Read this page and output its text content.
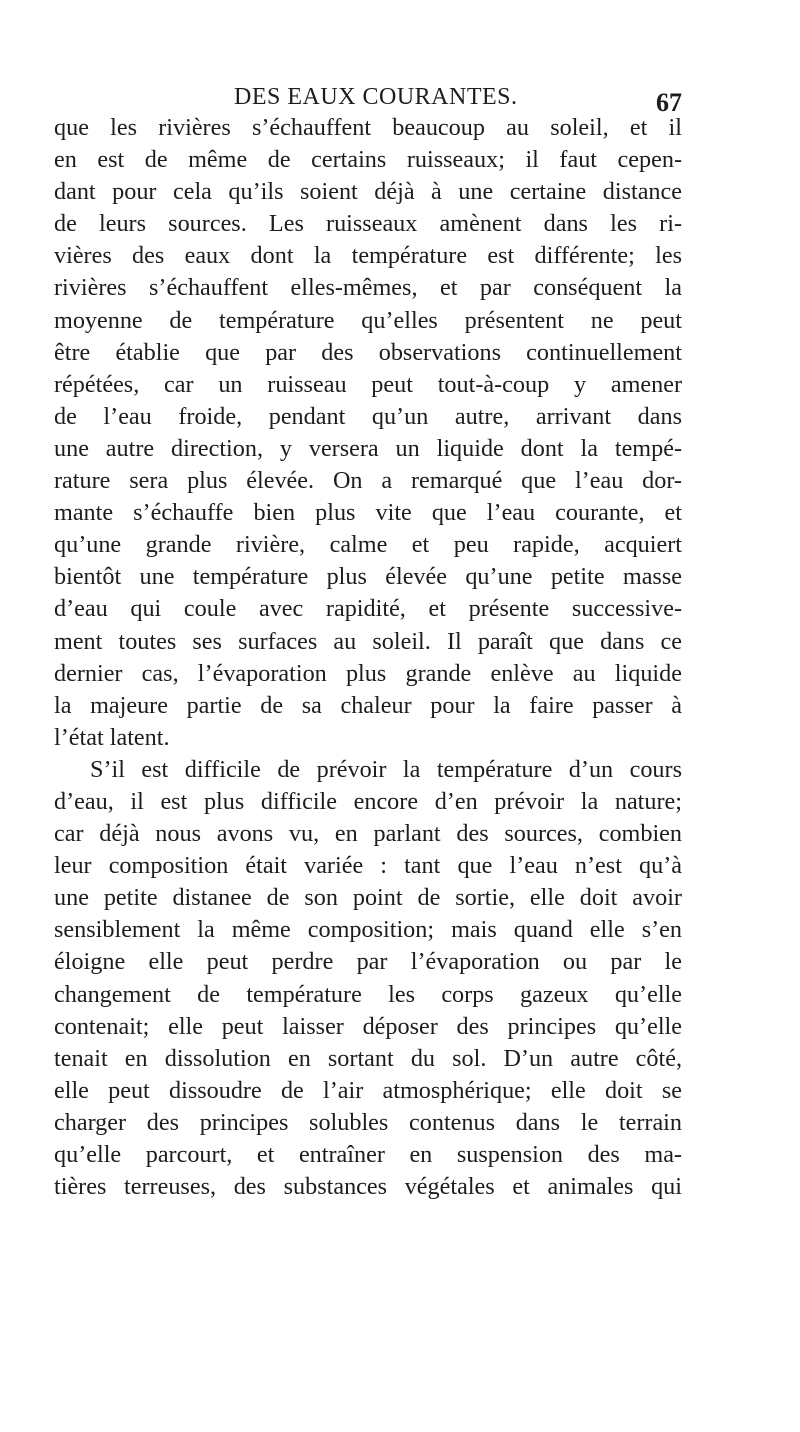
DES EAUX COURANTES.	67
que les rivières s’échauffent beaucoup au soleil, et il
en est de même de certains ruisseaux; il faut cepen-
dant pour cela qu’ils soient déjà à une certaine distance
de leurs sources. Les ruisseaux amènent dans les ri-
vières des eaux dont la température est différente; les
rivières s’échauffent elles-mêmes, et par conséquent la
moyenne de température qu’elles présentent ne peut
être établie que par des observations continuellement
répétées, car un ruisseau peut tout-à-coup y amener
de l’eau froide, pendant qu’un autre, arrivant dans
une autre direction, y versera un liquide dont la tempé-
rature sera plus élevée. On a remarqué que l’eau dor-
mante s’échauffe bien plus vite que l’eau courante, et
qu’une grande rivière, calme et peu rapide, acquiert
bientôt une température plus élevée qu’une petite masse
d’eau qui coule avec rapidité, et présente successive-
ment toutes ses surfaces au soleil. Il paraît que dans ce
dernier cas, l’évaporation plus grande enlève au liquide
la majeure partie de sa chaleur pour la faire passer à
l’état latent.
S’il est difficile de prévoir la température d’un cours
d’eau, il est plus difficile encore d’en prévoir la nature;
car déjà nous avons vu, en parlant des sources, combien
leur composition était variée : tant que l’eau n’est qu’à
une petite distanee de son point de sortie, elle doit avoir
sensiblement la même composition; mais quand elle s’en
éloigne elle peut perdre par l’évaporation ou par le
changement de température les corps gazeux qu’elle
contenait; elle peut laisser déposer des principes qu’elle
tenait en dissolution en sortant du sol. D’un autre côté,
elle peut dissoudre de l’air atmosphérique; elle doit se
charger des principes solubles contenus dans le terrain
qu’elle parcourt, et entraîner en suspension des ma-
tières terreuses, des substances végétales et animales qui
